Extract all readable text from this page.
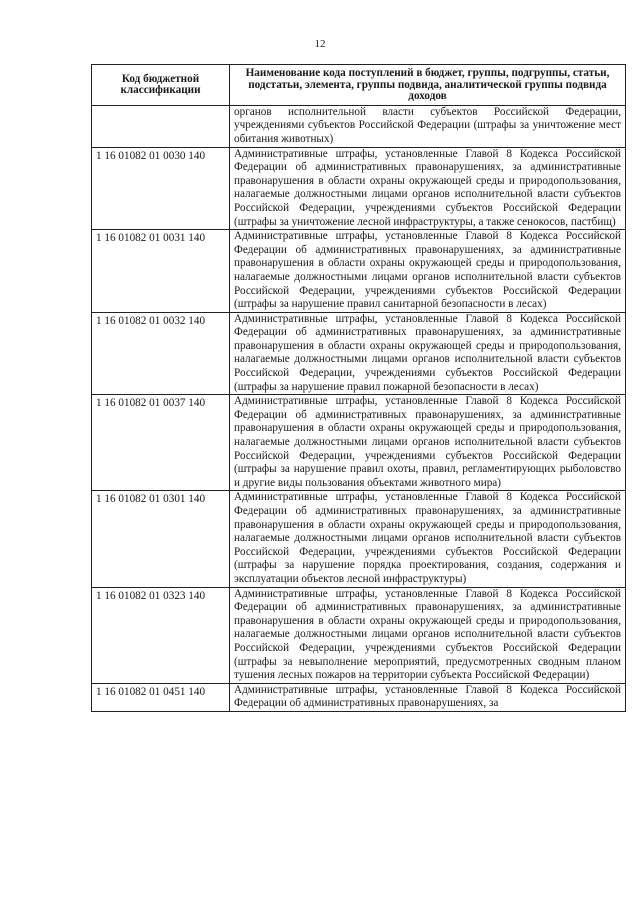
12
Код бюджетной классификации	Наименование кода поступлений в бюджет, группы, подгруппы, статьи, подстатьи, элемента, группы подвида, аналитической группы подвида доходов
	органов исполнительной власти субъектов Российской Федерации, учреждениями субъектов Российской Федерации (штрафы за уничтожение мест обитания животных)
1 16 01082 01 0030 140	Административные штрафы, установленные Главой 8 Кодекса Российской Федерации об административных правонарушениях, за административные правонарушения в области охраны окружающей среды и природопользования, налагаемые должностными лицами органов исполнительной власти субъектов Российской Федерации, учреждениями субъектов Российской Федерации (штрафы за уничтожение лесной инфраструктуры, а также сенокосов, пастбищ)
1 16 01082 01 0031 140	Административные штрафы, установленные Главой 8 Кодекса Российской Федерации об административных правонарушениях, за административные правонарушения в области охраны окружающей среды и природопользования, налагаемые должностными лицами органов исполнительной власти субъектов Российской Федерации, учреждениями субъектов Российской Федерации (штрафы за нарушение правил санитарной безопасности в лесах)
1 16 01082 01 0032 140	Административные штрафы, установленные Главой 8 Кодекса Российской Федерации об административных правонарушениях, за административные правонарушения в области охраны окружающей среды и природопользования, налагаемые должностными лицами органов исполнительной власти субъектов Российской Федерации, учреждениями субъектов Российской Федерации (штрафы за нарушение правил пожарной безопасности в лесах)
1 16 01082 01 0037 140	Административные штрафы, установленные Главой 8 Кодекса Российской Федерации об административных правонарушениях, за административные правонарушения в области охраны окружающей среды и природопользования, налагаемые должностными лицами органов исполнительной власти субъектов Российской Федерации, учреждениями субъектов Российской Федерации (штрафы за нарушение правил охоты, правил, регламентирующих рыболовство и другие виды пользования объектами животного мира)
1 16 01082 01 0301 140	Административные штрафы, установленные Главой 8 Кодекса Российской Федерации об административных правонарушениях, за административные правонарушения в области охраны окружающей среды и природопользования, налагаемые должностными лицами органов исполнительной власти субъектов Российской Федерации, учреждениями субъектов Российской Федерации (штрафы за нарушение порядка проектирования, создания, содержания и эксплуатации объектов лесной инфраструктуры)
1 16 01082 01 0323 140	Административные штрафы, установленные Главой 8 Кодекса Российской Федерации об административных правонарушениях, за административные правонарушения в области охраны окружающей среды и природопользования, налагаемые должностными лицами органов исполнительной власти субъектов Российской Федерации, учреждениями субъектов Российской Федерации (штрафы за невыполнение мероприятий, предусмотренных сводным планом тушения лесных пожаров на территории субъекта Российской Федерации)
1 16 01082 01 0451 140	Административные штрафы, установленные Главой 8 Кодекса Российской Федерации об административных правонарушениях, за
